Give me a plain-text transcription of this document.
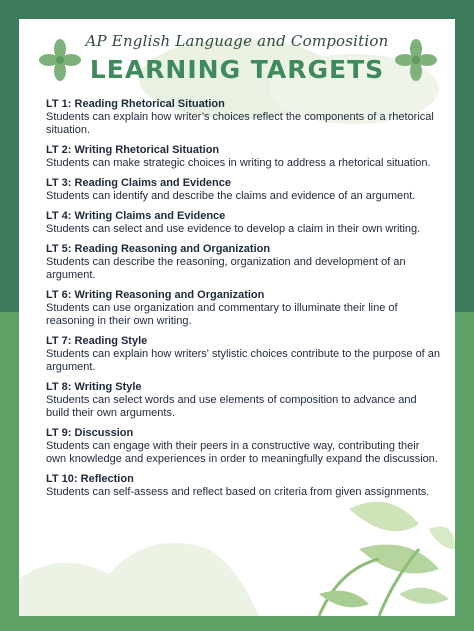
AP English Language and Composition
LEARNING TARGETS
LT 1: Reading Rhetorical Situation
Students can explain how writer’s choices reflect the components of a rhetorical situation.
LT 2: Writing Rhetorical Situation
Students can make strategic choices in writing to address a rhetorical situation.
LT 3: Reading Claims and Evidence
Students can identify and describe the claims and evidence of an argument.
LT 4: Writing Claims and Evidence
Students can select and use evidence to develop a claim in their own writing.
LT 5: Reading Reasoning and Organization
Students can describe the reasoning, organization and development of an argument.
LT 6: Writing Reasoning and Organization
Students can use organization and commentary to illuminate their line of reasoning in their own writing.
LT 7: Reading Style
Students can explain how writers' stylistic choices contribute to the purpose of an argument.
LT 8: Writing Style
Students can select words and use elements of composition to advance and build their own arguments.
LT 9: Discussion
Students can engage with their peers in a constructive way, contributing their own knowledge and experiences in order to meaningfully expand the discussion.
LT 10: Reflection
Students can self-assess and reflect based on criteria from given assignments.
